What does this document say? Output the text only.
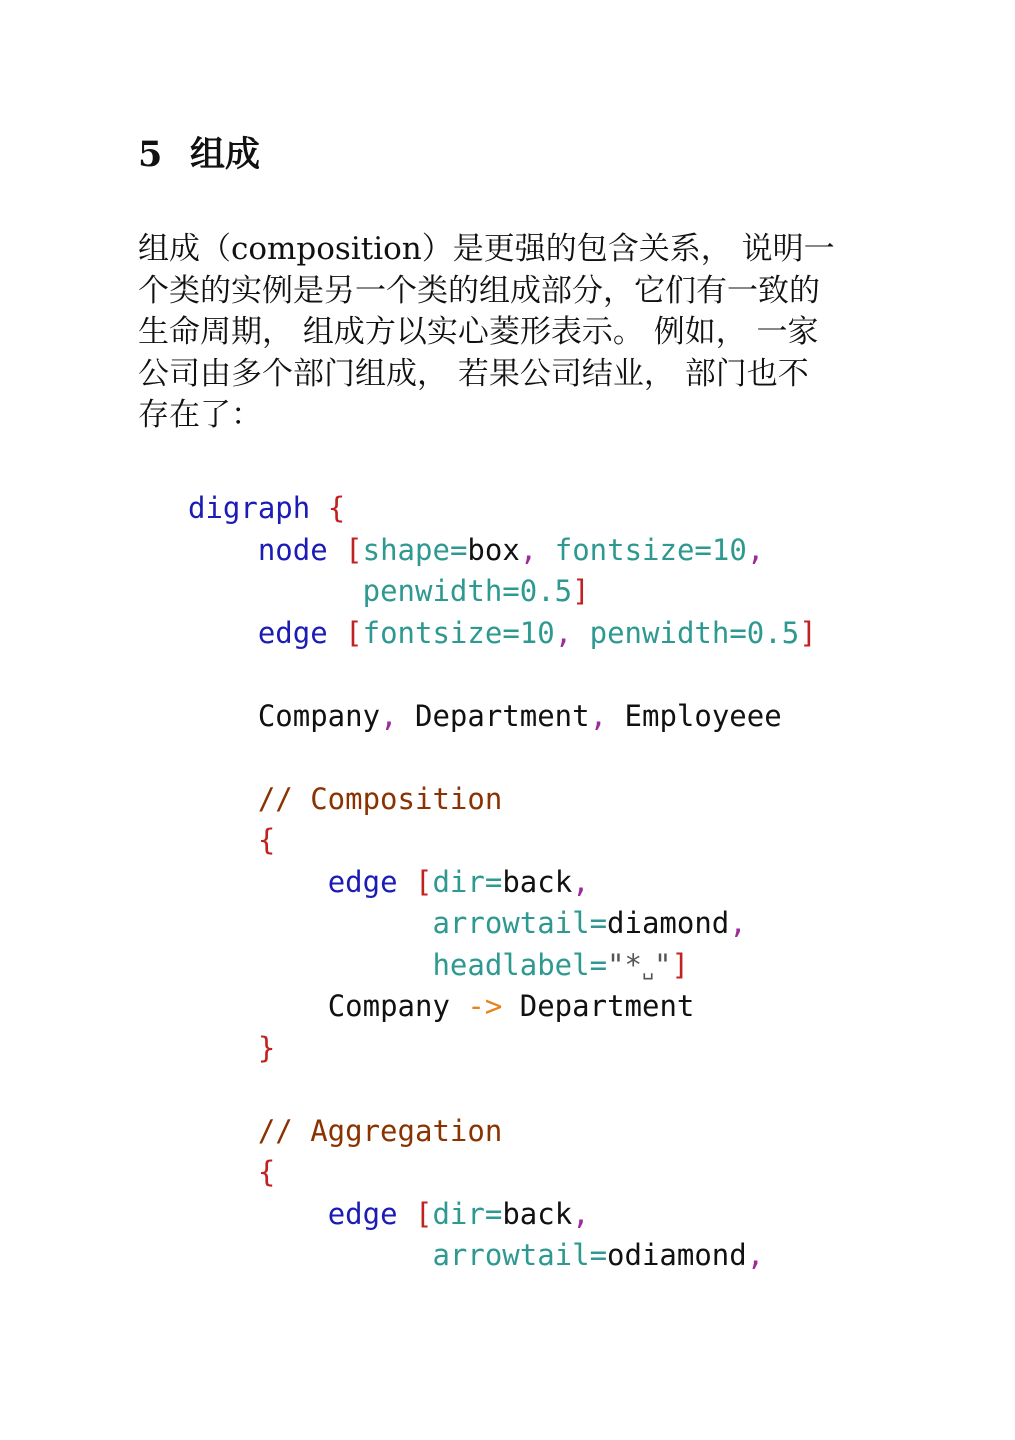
5 组成
组成（composition）是更强的包含关系， 说明一
个类的实例是另一个类的组成部分，它们有一致的
生命周期， 组成方以实心菱形表示。 例如， 一家
公司由多个部门组成， 若果公司结业， 部门也不
存在了：
digraph {
node [shape=box, fontsize=10,
penwidth=0.5]
edge [fontsize=10, penwidth=0.5]

Company, Department, Employeee

// Composition
{
edge [dir=back,
arrowtail=diamond,
headlabel="*␣"]
Company -> Department
}

// Aggregation
{
edge [dir=back,
arrowtail=odiamond,
